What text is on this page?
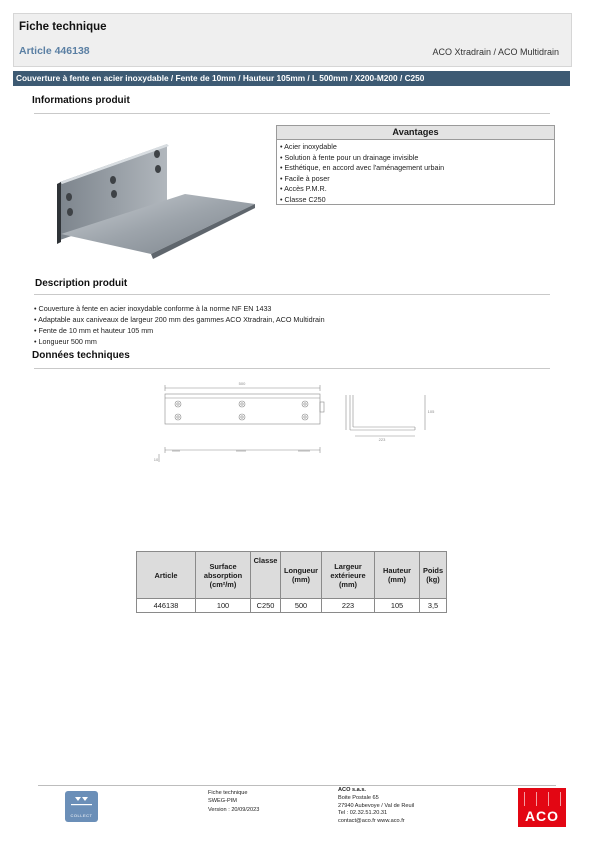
Fiche technique
Article 446138	ACO Xtradrain / ACO Multidrain
Couverture à fente en acier inoxydable / Fente de 10mm / Hauteur 105mm / L 500mm / X200-M200 / C250
Informations produit
Avantages
• Acier inoxydable
• Solution à fente pour un drainage invisible
• Esthétique, en accord avec l'aménagement urbain
• Facile à poser
• Accès P.M.R.
• Classe C250
Description produit
• Couverture à fente en acier inoxydable conforme à la norme NF EN 1433
• Adaptable aux caniveaux de largeur 200 mm des gammes ACO Xtradrain, ACO Multidrain
• Fente de 10 mm et hauteur 105 mm
• Longueur 500 mm
Données techniques
500
223
105
10
Article	Surface absorption (cm²/m)	Classe	Longueur (mm)	Largeur extérieure (mm)	Hauteur (mm)	Poids (kg)
446138	100	C250	500	223	105	3,5
COLLECT
Fiche technique
SWEG-PIM
Version : 20/09/2023
ACO s.a.s.
Boite Postale 65
27940 Aubevoye / Val de Reuil
Tel : 02.32.51.20.31
contact@aco.fr www.aco.fr	ACO
